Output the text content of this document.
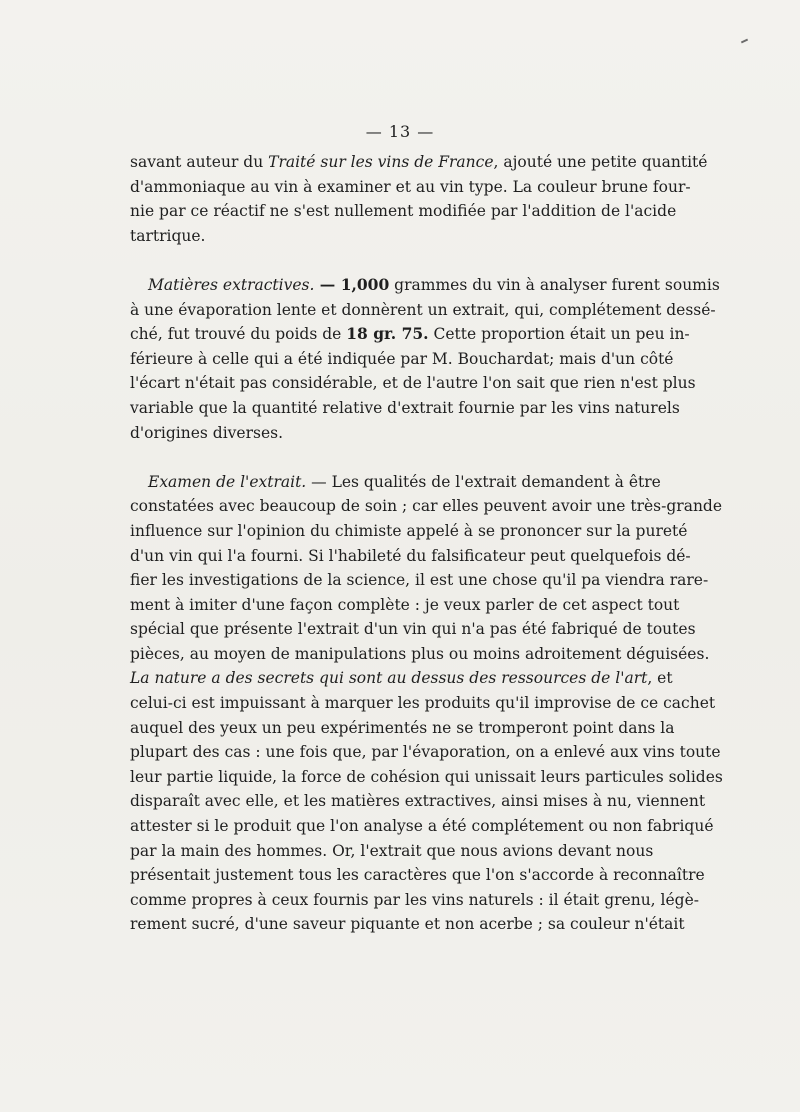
— 13 —
savant auteur du Traité sur les vins de France, ajouté une petite quantité
d'ammoniaque au vin à examiner et au vin type. La couleur brune four-
nie par ce réactif ne s'est nullement modifiée par l'addition de l'acide
tartrique.
Matières extractives. — 1,000 grammes du vin à analyser furent soumis
à une évaporation lente et donnèrent un extrait, qui, complétement dessé-
ché, fut trouvé du poids de 18 gr. 75. Cette proportion était un peu in-
férieure à celle qui a été indiquée par M. Bouchardat; mais d'un côté
l'écart n'était pas considérable, et de l'autre l'on sait que rien n'est plus
variable que la quantité relative d'extrait fournie par les vins naturels
d'origines diverses.
Examen de l'extrait. — Les qualités de l'extrait demandent à être
constatées avec beaucoup de soin ; car elles peuvent avoir une très-grande
influence sur l'opinion du chimiste appelé à se prononcer sur la pureté
d'un vin qui l'a fourni. Si l'habileté du falsificateur peut quelquefois dé-
fier les investigations de la science, il est une chose qu'il pa viendra rare-
ment à imiter d'une façon complète : je veux parler de cet aspect tout
spécial que présente l'extrait d'un vin qui n'a pas été fabriqué de toutes
pièces, au moyen de manipulations plus ou moins adroitement déguisées.
La nature a des secrets qui sont au dessus des ressources de l'art, et
celui-ci est impuissant à marquer les produits qu'il improvise de ce cachet
auquel des yeux un peu expérimentés ne se tromperont point dans la
plupart des cas : une fois que, par l'évaporation, on a enlevé aux vins toute
leur partie liquide, la force de cohésion qui unissait leurs particules solides
disparaît avec elle, et les matières extractives, ainsi mises à nu, viennent
attester si le produit que l'on analyse a été complétement ou non fabriqué
par la main des hommes. Or, l'extrait que nous avions devant nous
présentait justement tous les caractères que l'on s'accorde à reconnaître
comme propres à ceux fournis par les vins naturels : il était grenu, légè-
rement sucré, d'une saveur piquante et non acerbe ; sa couleur n'était
